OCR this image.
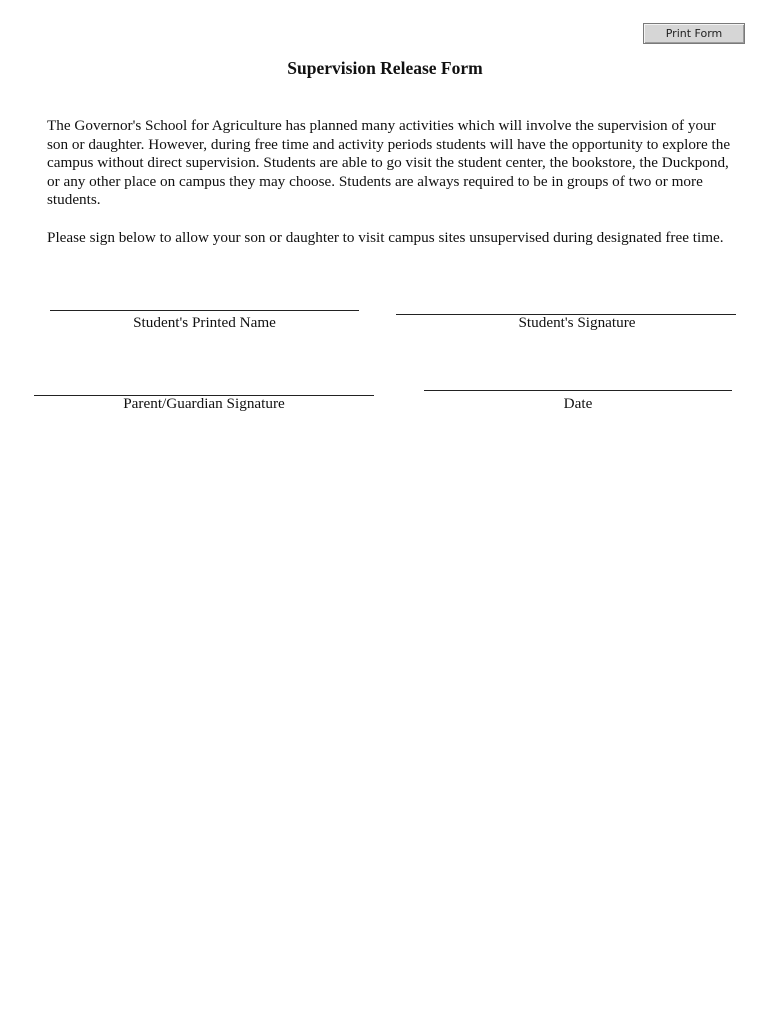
Print Form
Supervision Release Form

The Governor's School for Agriculture has planned many activities which will involve the supervision of your son or daughter. However, during free time and activity periods students will have the opportunity to explore the campus without direct supervision. Students are able to go visit the student center, the bookstore, the Duckpond, or any other place on campus they may choose. Students are always required to be in groups of two or more students.

Please sign below to allow your son or daughter to visit campus sites unsupervised during designated free time.

Student's Printed Name	Student's Signature

Parent/Guardian Signature	Date
